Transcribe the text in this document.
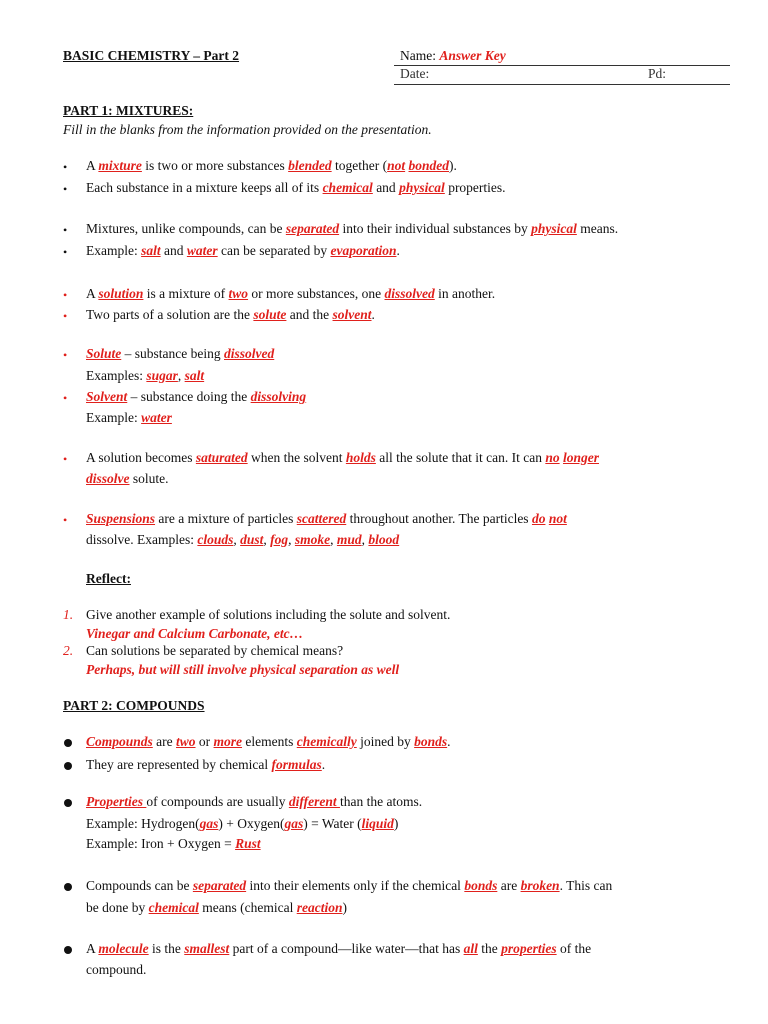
BASIC CHEMISTRY – Part 2	Name: Answer Key
Date:	Pd:
PART 1: MIXTURES:
Fill in the blanks from the information provided on the presentation.
• A mixture is two or more substances blended together (not bonded).
• Each substance in a mixture keeps all of its chemical and physical properties.
• Mixtures, unlike compounds, can be separated into their individual substances by physical means.
• Example: salt and water can be separated by evaporation.
• A solution is a mixture of two or more substances, one dissolved in another.
• Two parts of a solution are the solute and the solvent.
• Solute – substance being dissolved
Examples: sugar, salt
• Solvent – substance doing the dissolving
Example: water
• A solution becomes saturated when the solvent holds all the solute that it can. It can no longer
dissolve solute.
• Suspensions are a mixture of particles scattered throughout another. The particles do not
dissolve. Examples: clouds, dust, fog, smoke, mud, blood
Reflect:
1. Give another example of solutions including the solute and solvent.
Vinegar and Calcium Carbonate, etc…
2. Can solutions be separated by chemical means?
Perhaps, but will still involve physical separation as well
PART 2: COMPOUNDS
Compounds are two or more elements chemically joined by bonds.
They are represented by chemical formulas.
Properties of compounds are usually different than the atoms.
Example: Hydrogen(gas) + Oxygen(gas) = Water (liquid)
Example: Iron + Oxygen = Rust
Compounds can be separated into their elements only if the chemical bonds are broken. This can
be done by chemical means (chemical reaction)
A molecule is the smallest part of a compound—like water—that has all the properties of the
compound.
